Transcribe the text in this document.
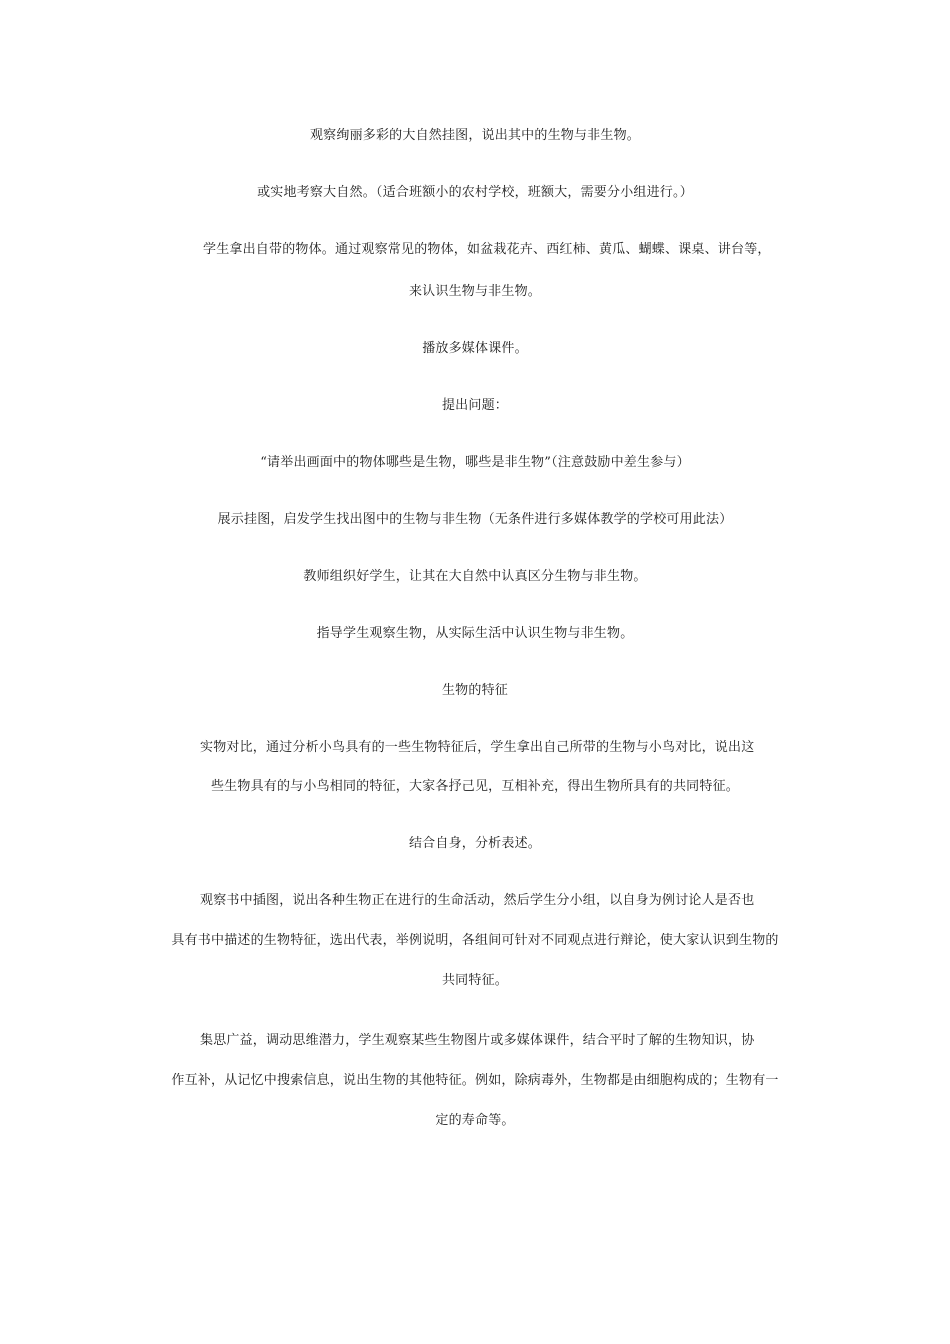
观察绚丽多彩的大自然挂图，说出其中的生物与非生物。
或实地考察大自然。（适合班额小的农村学校，班额大，需要分小组进行。）
学生拿出自带的物体。通过观察常见的物体，如盆栽花卉、西红柿、黄瓜、蝴蝶、课桌、讲台等，
来认识生物与非生物。
播放多媒体课件。
提出问题：
“请举出画面中的物体哪些是生物，哪些是非生物”（注意鼓励中差生参与）
展示挂图，启发学生找出图中的生物与非生物（无条件进行多媒体教学的学校可用此法）
教师组织好学生，让其在大自然中认真区分生物与非生物。
指导学生观察生物，从实际生活中认识生物与非生物。
生物的特征
实物对比，通过分析小鸟具有的一些生物特征后，学生拿出自己所带的生物与小鸟对比，说出这
些生物具有的与小鸟相同的特征，大家各抒己见，互相补充，得出生物所具有的共同特征。
结合自身，分析表述。
观察书中插图，说出各种生物正在进行的生命活动，然后学生分小组，以自身为例讨论人是否也
具有书中描述的生物特征，选出代表，举例说明，各组间可针对不同观点进行辩论，使大家认识到生物的
共同特征。
集思广益，调动思维潜力，学生观察某些生物图片或多媒体课件，结合平时了解的生物知识，协
作互补，从记忆中搜索信息，说出生物的其他特征。例如，除病毒外，生物都是由细胞构成的；生物有一
定的寿命等。
